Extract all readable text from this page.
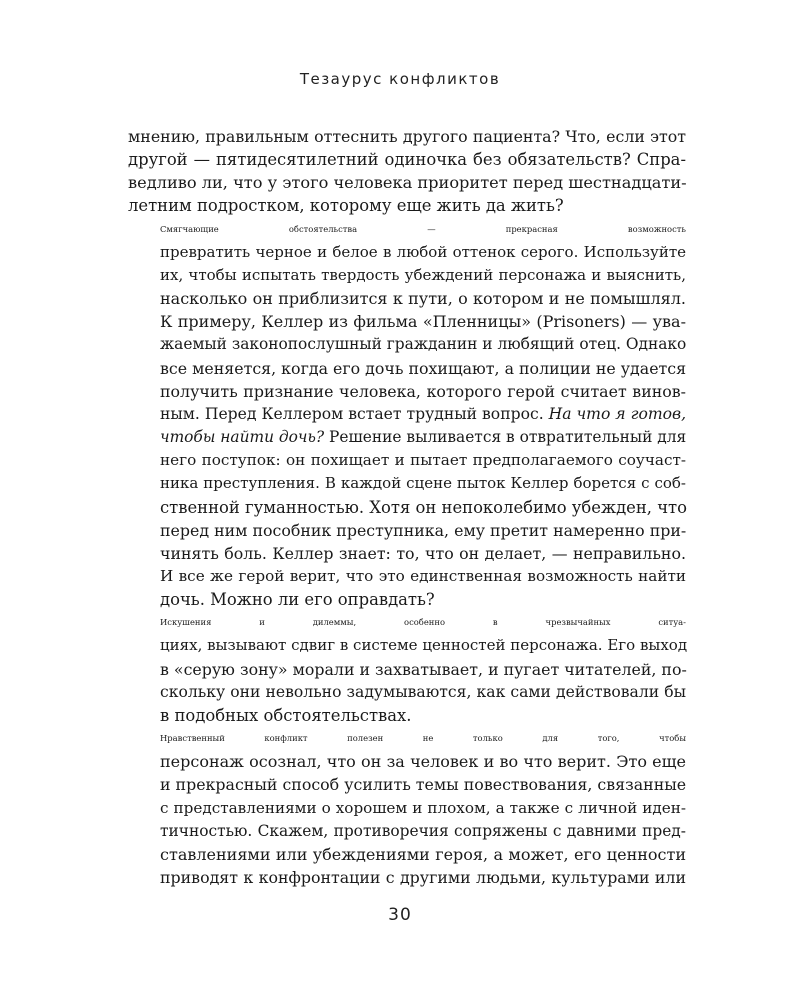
Тезаурус конфликтов

мнению, правильным оттеснить другого пациента? Что, если этот
другой — пятидесятилетний одиночка без обязательств? Спра-
ведливо ли, что у этого человека приоритет перед шестнадцати-
летним подростком, которому еще жить да жить?

Смягчающие обстоятельства — прекрасная возможность
превратить черное и белое в любой оттенок серого. Используйте
их, чтобы испытать твердость убеждений персонажа и выяснить,
насколько он приблизится к пути, о котором и не помышлял.
К примеру, Келлер из фильма «Пленницы» (Prisoners) — ува-
жаемый законопослушный гражданин и любящий отец. Однако
все меняется, когда его дочь похищают, а полиции не удается
получить признание человека, которого герой считает винов-
ным. Перед Келлером встает трудный вопрос. На что я готов,
чтобы найти дочь? Решение выливается в отвратительный для
него поступок: он похищает и пытает предполагаемого соучаст-
ника преступления. В каждой сцене пыток Келлер борется с соб-
ственной гуманностью. Хотя он непоколебимо убежден, что
перед ним пособник преступника, ему претит намеренно при-
чинять боль. Келлер знает: то, что он делает, — неправильно.
И все же герой верит, что это единственная возможность найти
дочь. Можно ли его оправдать?

Искушения и дилеммы, особенно в чрезвычайных ситуа-
циях, вызывают сдвиг в системе ценностей персонажа. Его выход
в «серую зону» морали и захватывает, и пугает читателей, по-
скольку они невольно задумываются, как сами действовали бы
в подобных обстоятельствах.

Нравственный конфликт полезен не только для того, чтобы
персонаж осознал, что он за человек и во что верит. Это еще
и прекрасный способ усилить темы повествования, связанные
с представлениями о хорошем и плохом, а также с личной иден-
тичностью. Скажем, противоречия сопряжены с давними пред-
ставлениями или убеждениями героя, а может, его ценности
приводят к конфронтации с другими людьми, культурами или

30
